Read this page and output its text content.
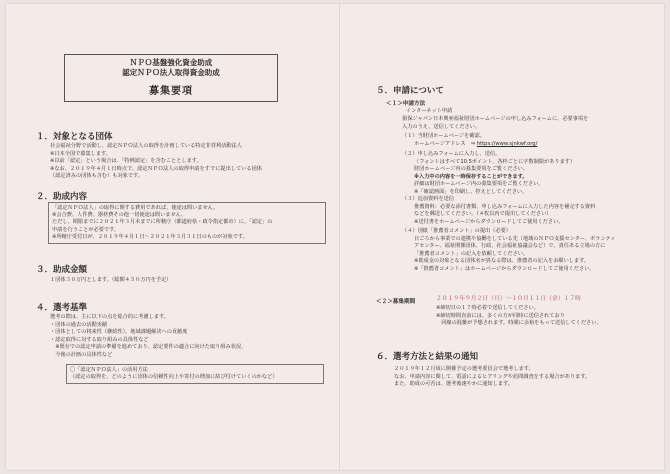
ＮＰＯ基盤強化資金助成
認定ＮＰＯ法人取得資金助成
募集要項
１．対象となる団体
社会福祉分野で活動し、認定ＮＰＯ法人の取得を計画している特定非営利活動法人
※日本全国で募集します。
※以前「認定」という場合は、「特例認定」を含むこととします。
※なお、２０１９年４月１日時点で、認定ＮＰＯ法人の取得申請をすでに提出している団体
（認定済みの団体も含む）も対象です。
２．助成内容
「認定ＮＰＯ法人」の取得に関する費用であれば、使途は問いません。
※会合費、人件費、器材費その他一切使途は問いません。
ただし、期限までに２０２１年３月末までに所轄庁（都道府県・政令指定都市）に、「認定」の
申請を行うことが必要です。
※所轄庁受付日が、２０１９年４月１日～２０２１年３月３１日のものが対象です。
３．助成金額
１団体３０万円とします。（総額４５０万円を予定）
４．選考基準
選考の際は、主に以下の点を総合的に考慮します。
・団体の過去の活動実績
・団体としての将来性（継続性）、地域課題解決への貢献度
・認定取得に対する取り組みの具体性など
　※既存での認定申請の準備を進めており、認定要件の適合に向けた取り組み状況、
　今後の計画の具体性など
〇「認定ＮＰＯ法人」の活用方法
（認定の取得を、どのように団体の信頼性向上や寄付の増加に結び付けていくのかなど）
５．申請について
＜１＞申請方法
インターネット申請
損保ジャパン日本興亜福祉財団ホームページの申し込みフォームに、必要事項を
入力のうえ、送信してください。
（１）当財団ホームページを確認。
ホームページアドレス　⇒ https://www.sjnkwf.org/
（２）申し込みフォームに入力し、送信。
（フォントはすべて10.5ポイント、各枠ごとに字数制限があります）
財団ホームページ内の募集要項をご覧ください。
※入力中の内容を一時保存することができます。
詳細は財団ホームページ内の募集要項をご覧ください。
※「確認画面」を印刷し、控えとしてください。
（３）追加資料を送信
推薦資料：必要な添付書類、申し込みフォームに入力した内容を補完する資料
などを郵送してください。（４枚以内で提出してください）
※送付書をホームページからダウンロードしてご使用ください。
（４）別紙「推薦者コメント」の提出（必要）
日ごろから事業での連携や協働をしている先（地域のＮＰＯ支援センター、ボランティ
アセンター、福祉関係団体、行政、社会福祉協議会など）で、責任ある立場の方に
「推薦者コメント」の記入を依頼してください。
※助成金の対象となる団体名が異なる際は、推薦者の記入をお願いします。
※「推薦者コメント」はホームページからダウンロードしてご使用ください。
＜２＞募集期間	２０１９年９月２日（月）～１０月１１日（金）１７時
※締切日の１７時必着で送信してください。
※締切時間直前には、多くの方が同時に送信されており
　回線の混雑が予想されます。時間に余裕をもって送信してください。
６．選考方法と結果の通知
２０１９年１２月頃に開催予定の選考委員会で選考します。
なお、申請内容に関して、電話によるヒアリングや訪問調査をする場合があります。
また、助成の可否は、選考後速やかに通知します。
